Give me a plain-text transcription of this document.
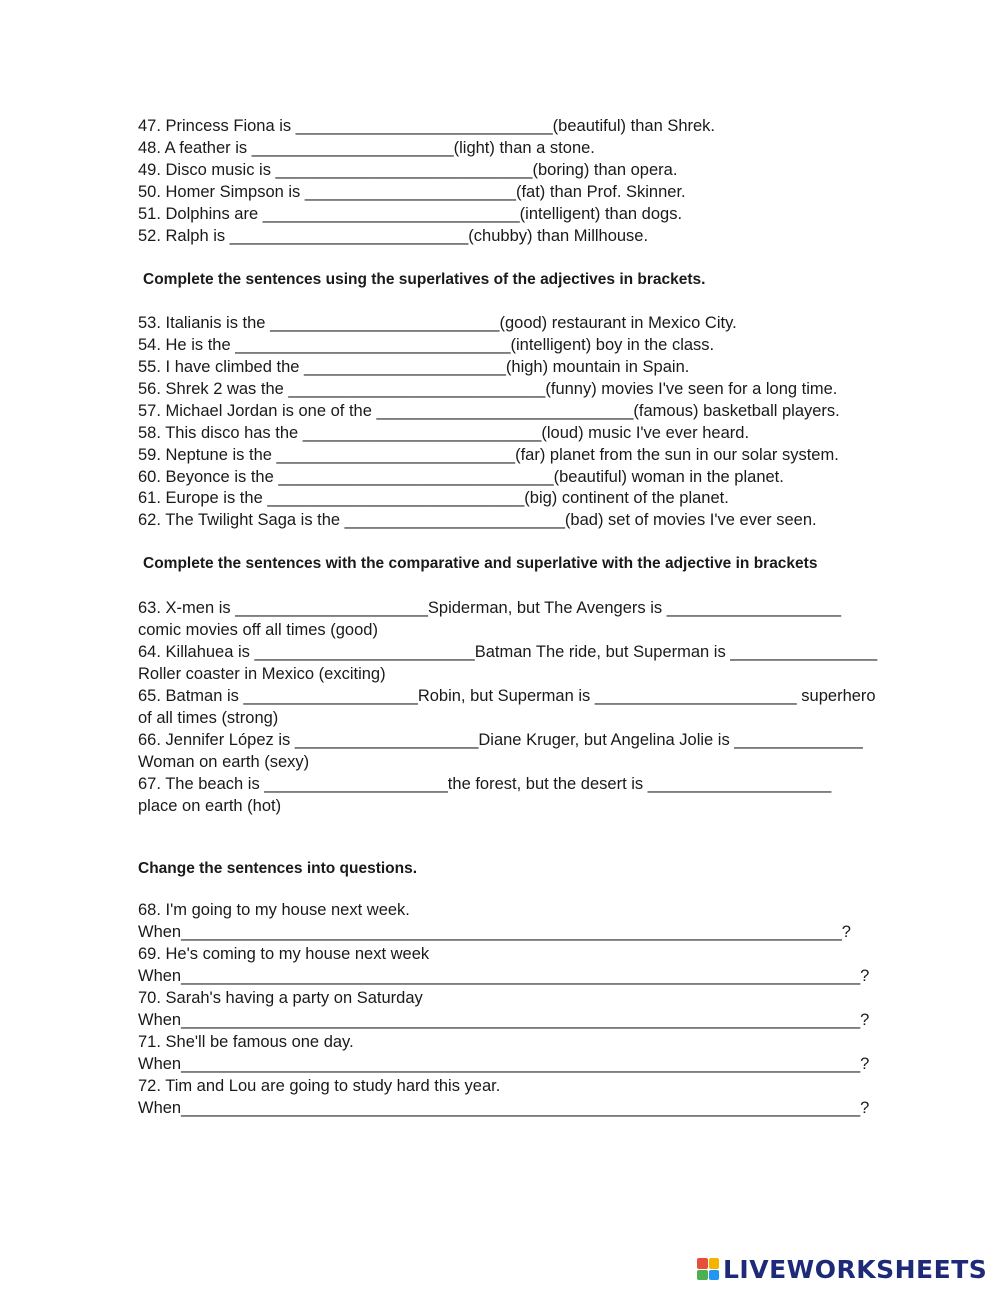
47. Princess Fiona is ____________________________(beautiful) than Shrek.
48. A feather is ______________________(light) than a stone.
49. Disco music is ____________________________(boring) than opera.
50. Homer Simpson is _______________________(fat) than Prof. Skinner.
51. Dolphins are ____________________________(intelligent) than dogs.
52. Ralph is __________________________(chubby) than Millhouse.
Complete the sentences using the superlatives of the adjectives in brackets.
53. Italianis is the _________________________(good) restaurant in Mexico City.
54. He is the ______________________________(intelligent) boy in the class.
55. I have climbed the ______________________(high) mountain in Spain.
56. Shrek 2 was the ____________________________(funny) movies I've seen for a long time.
57. Michael Jordan is one of the ____________________________(famous) basketball players.
58. This disco has the __________________________(loud) music I've ever heard.
59. Neptune is the __________________________(far) planet from the sun in our solar system.
60. Beyonce is the ______________________________(beautiful) woman in the planet.
61. Europe is the ____________________________(big) continent of the planet.
62. The Twilight Saga is the ________________________(bad) set of movies I've ever seen.
Complete the sentences with the comparative and superlative with the adjective in brackets
63. X-men is _____________________Spiderman, but The Avengers is ___________________
comic movies off all times (good)
64. Killahuea is ________________________Batman The ride, but Superman is ________________
Roller coaster in Mexico (exciting)
65. Batman is ___________________Robin, but Superman is ______________________ superhero
of all times (strong)
66. Jennifer López is ____________________Diane Kruger, but Angelina Jolie is ______________
Woman on earth (sexy)
67. The beach is ____________________the forest, but the desert is ____________________
place on earth (hot)
Change the sentences into questions.
68. I'm going to my house next week.
When________________________________________________________________________?
69. He's coming to my house next week
When__________________________________________________________________________?
70. Sarah's having a party on Saturday
When__________________________________________________________________________?
71. She'll be famous one day.
When__________________________________________________________________________?
72. Tim and Lou are going to study hard this year.
When__________________________________________________________________________?
LIVEWORKSHEETS
